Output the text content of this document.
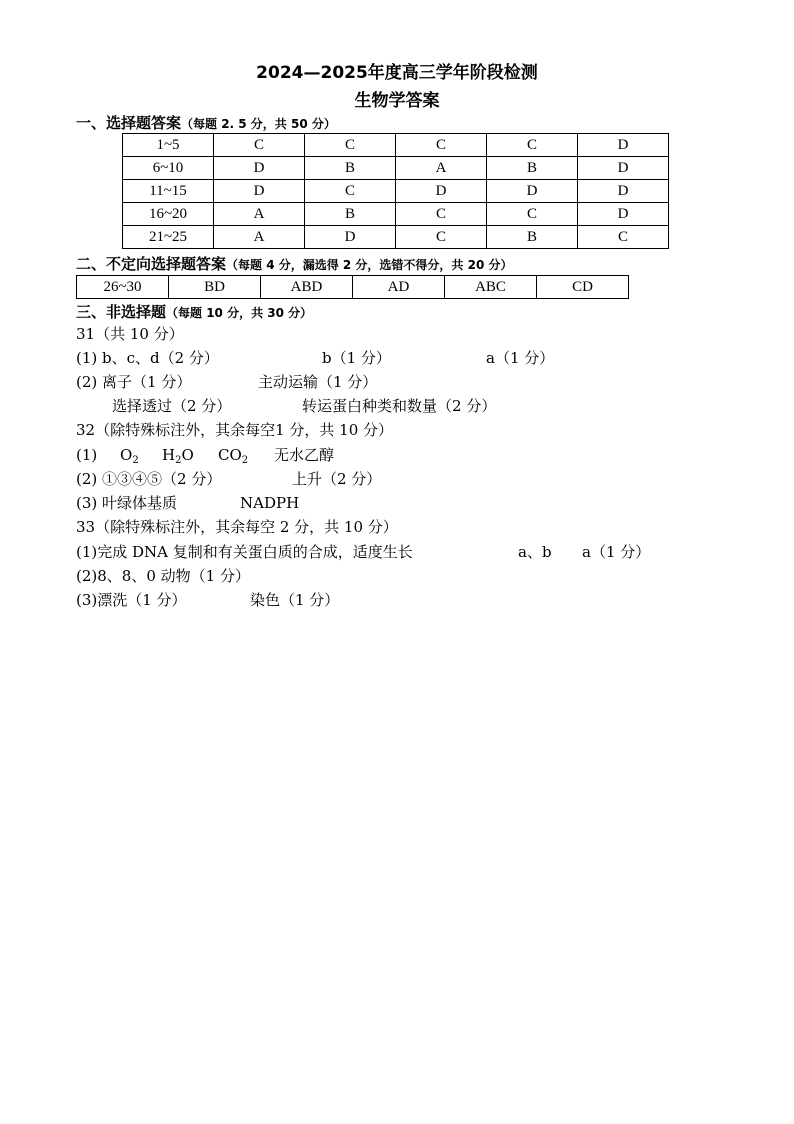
2024—2025年度高三学年阶段检测
生物学答案
一、选择题答案（每题 2. 5 分，共 50 分）
1~5	C	C	C	C	D
6~10	D	B	A	B	D
11~15	D	C	D	D	D
16~20	A	B	C	C	D
21~25	A	D	C	B	C
二、不定向选择题答案（每题 4 分，漏选得 2 分，选错不得分，共 20 分）
26~30	BD	ABD	AD	ABC	CD
三、非选择题（每题 10 分，共 30 分）
31（共 10 分）
(1) b、c、d（2 分）	b（1 分）	a（1 分）
(2) 离子（1 分）	主动运输（1 分）
选择透过（2 分）	转运蛋白种类和数量（2 分）
32（除特殊标注外，其余每空1 分，共 10 分）
(1) $O_2$ $H_2O$ $CO_2$ 无水乙醇
(2) ①③④⑤（2 分）	上升（2 分）
(3) 叶绿体基质	NADPH
33（除特殊标注外，其余每空 2 分，共 10 分）
(1)完成 DNA 复制和有关蛋白质的合成，适度生长	a、b a（1 分）
(2)8、8、0 动物（1 分）
(3)漂洗（1 分）	染色（1 分）
